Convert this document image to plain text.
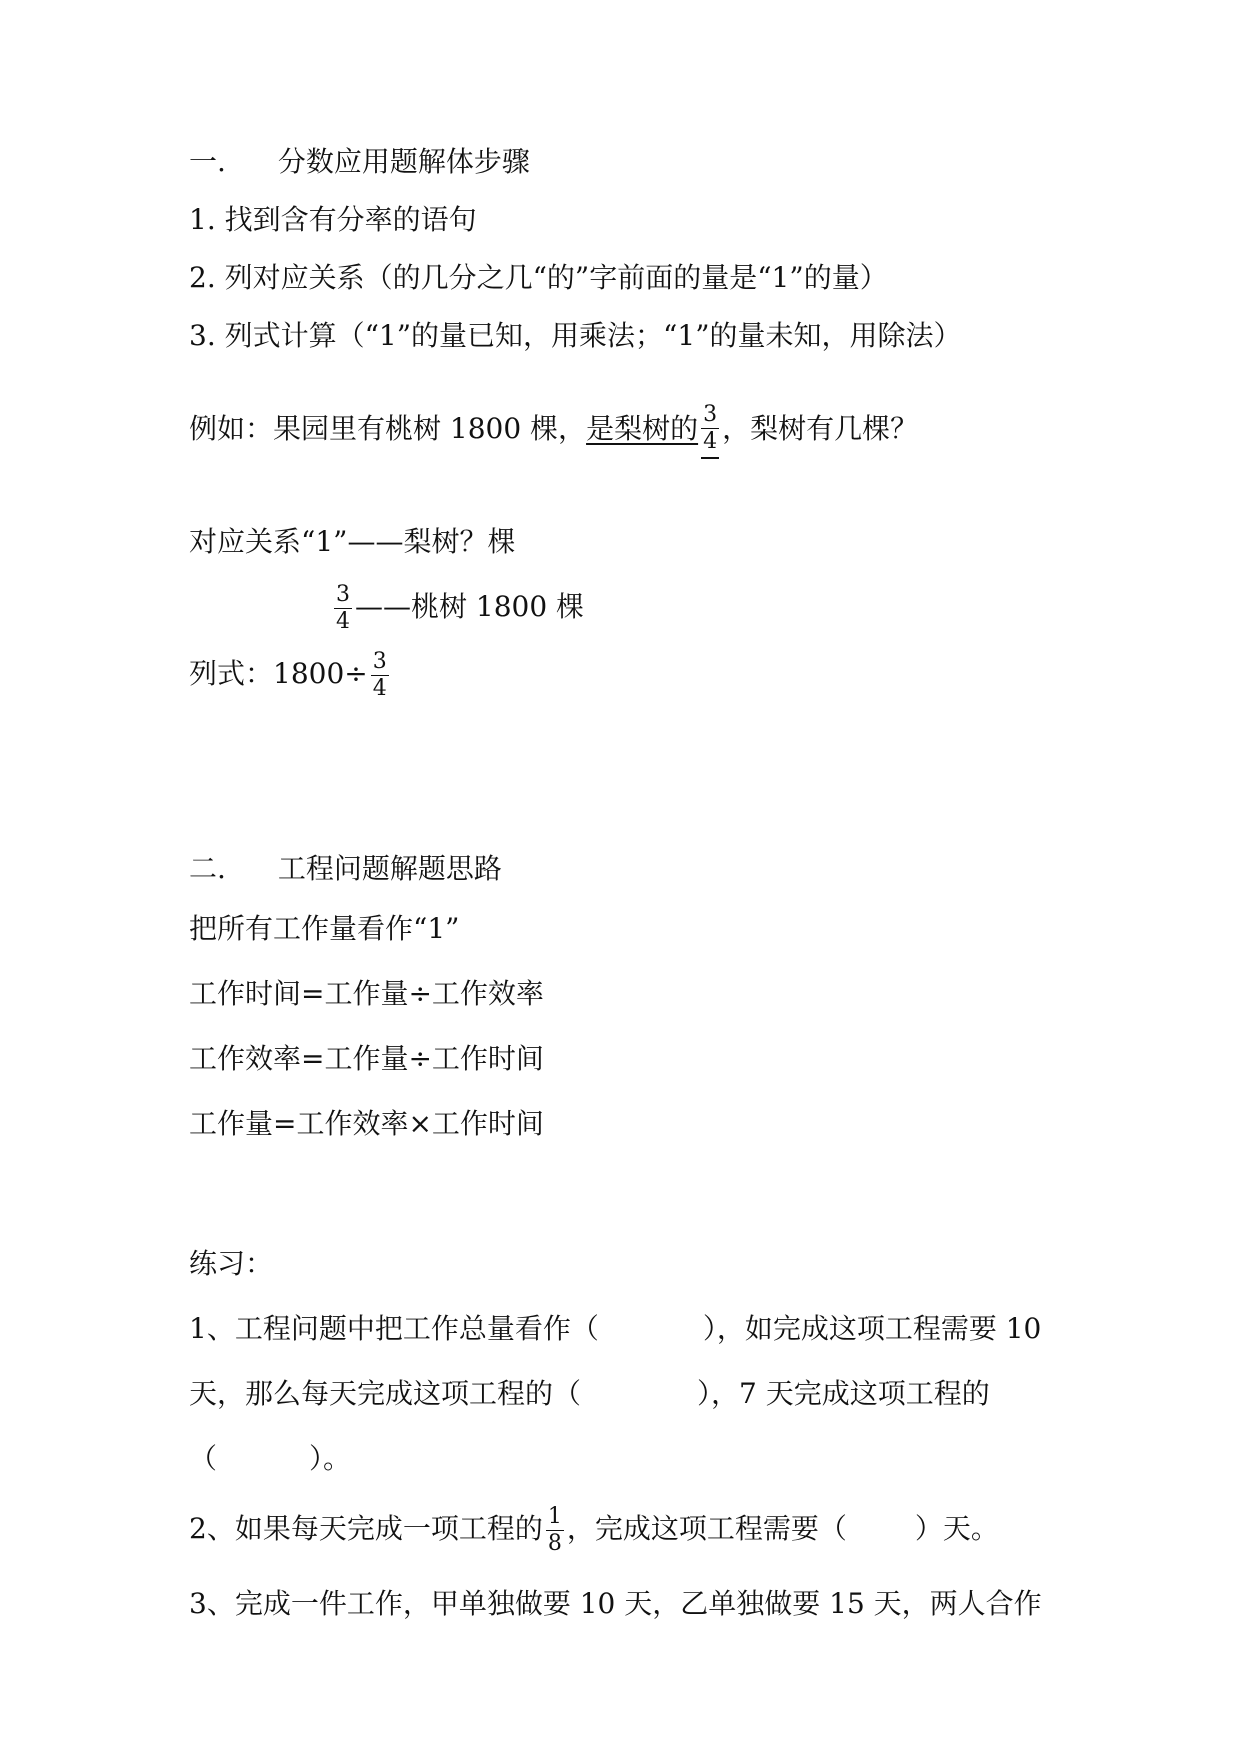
一. 分数应用题解体步骤
1. 找到含有分率的语句
2. 列对应关系（的几分之几“的”字前面的量是“1”的量）
3. 列式计算（“1”的量已知，用乘法；“1”的量未知，用除法）
例如：果园里有桃树 1800 棵，是梨树的 $\frac{3}{4}$ ，梨树有几棵？
对应关系“1”——梨树？棵
$\frac{3}{4}$ ——桃树 1800 棵
列式：$1800\div \frac{3}{4}$
二. 工程问题解题思路
把所有工作量看作“1”
工作时间=工作量÷工作效率
工作效率=工作量÷工作时间
工作量=工作效率×工作时间
练习：
1、工程问题中把工作总量看作（	），如完成这项工程需要 10
天，那么每天完成这项工程的（	），7 天完成这项工程的
（	）。
2、如果每天完成一项工程的 $\frac{1}{8}$ ，完成这项工程需要（ ）天。
3、完成一件工作，甲单独做要 10 天，乙单独做要 15 天，两人合作
